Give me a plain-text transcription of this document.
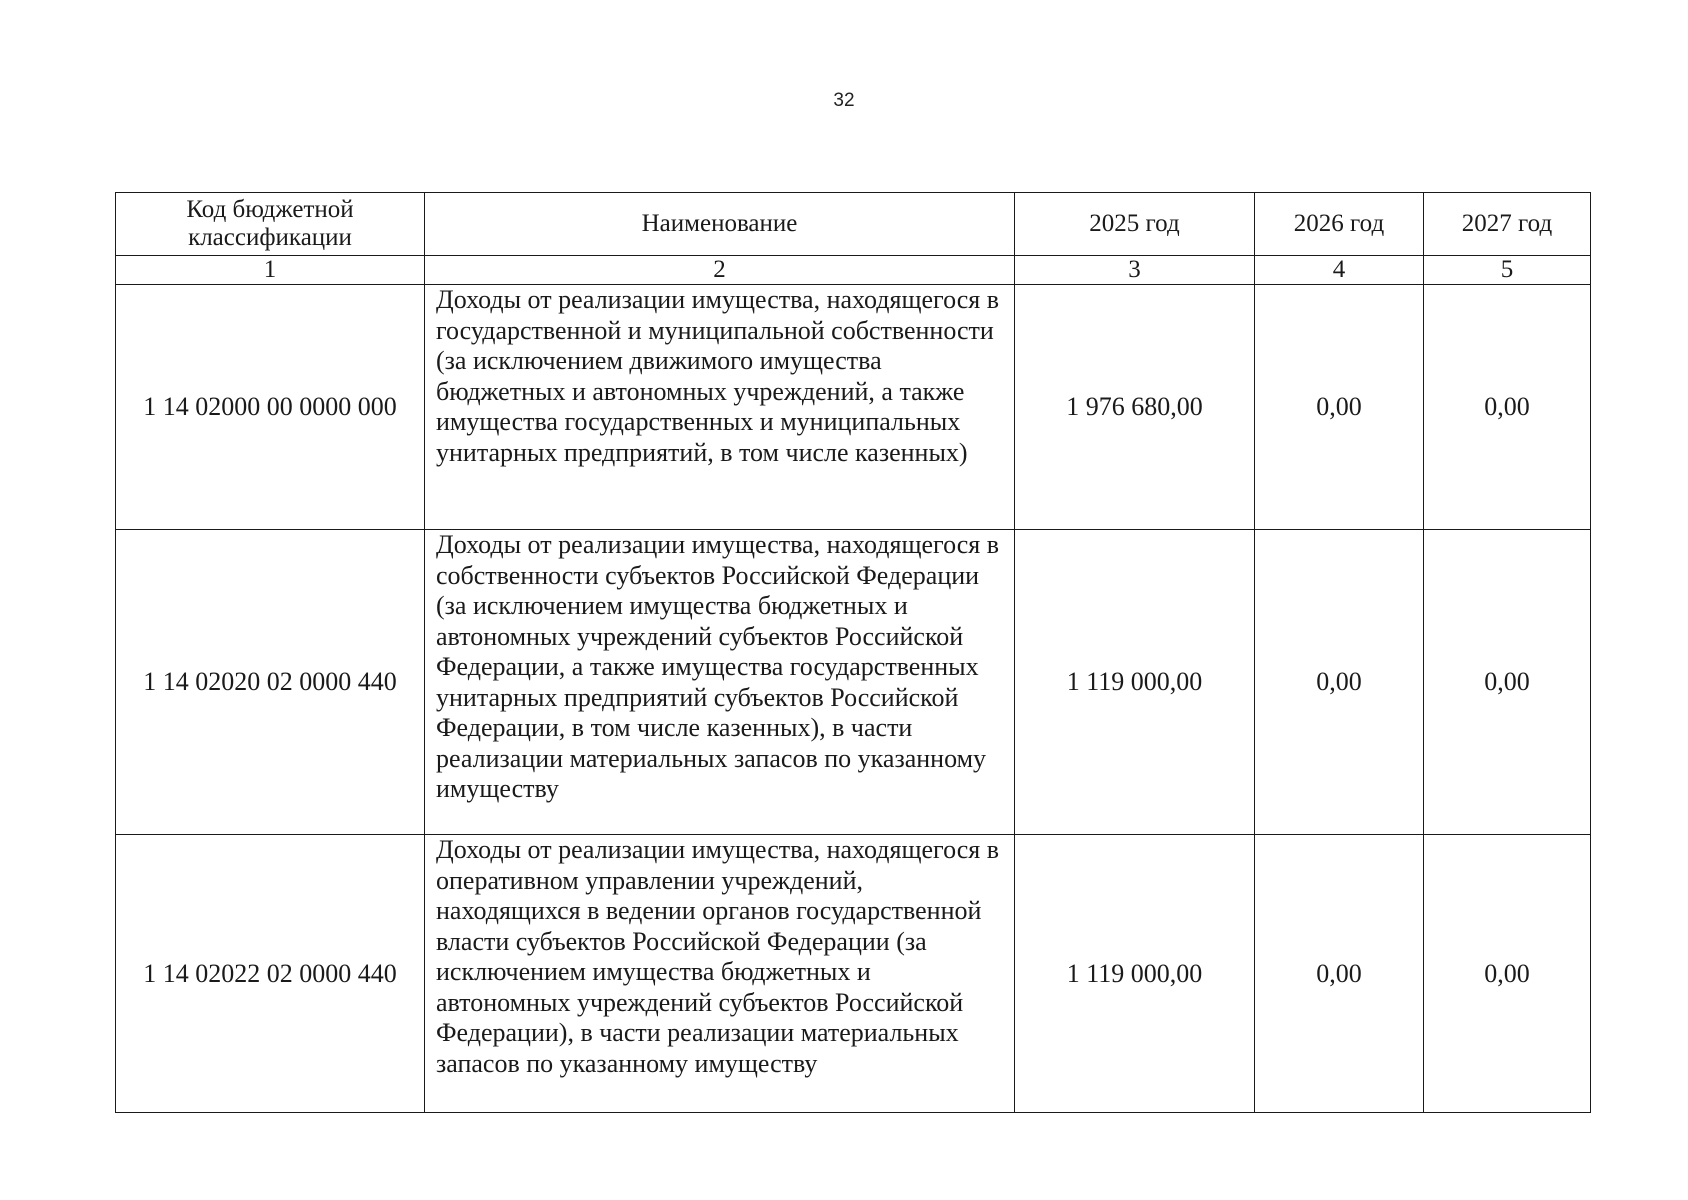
32
Код бюджетной классификации	Наименование	2025 год	2026 год	2027 год
1	2	3	4	5
1 14 02000 00 0000 000	Доходы от реализации имущества, находящегося в государственной и муниципальной собственности (за исключением движимого имущества бюджетных и автономных учреждений, а также имущества государственных и муниципальных унитарных предприятий, в том числе казенных)	1 976 680,00	0,00	0,00
1 14 02020 02 0000 440	Доходы от реализации имущества, находящегося в собственности субъектов Российской Федерации (за исключением имущества бюджетных и автономных учреждений субъектов Российской Федерации, а также имущества государственных унитарных предприятий субъектов Российской Федерации, в том числе казенных), в части реализации материальных запасов по указанному имуществу	1 119 000,00	0,00	0,00
1 14 02022 02 0000 440	Доходы от реализации имущества, находящегося в оперативном управлении учреждений, находящихся в ведении органов государственной власти субъектов Российской Федерации (за исключением имущества бюджетных и автономных учреждений субъектов Российской Федерации), в части реализации материальных запасов по указанному имуществу	1 119 000,00	0,00	0,00
